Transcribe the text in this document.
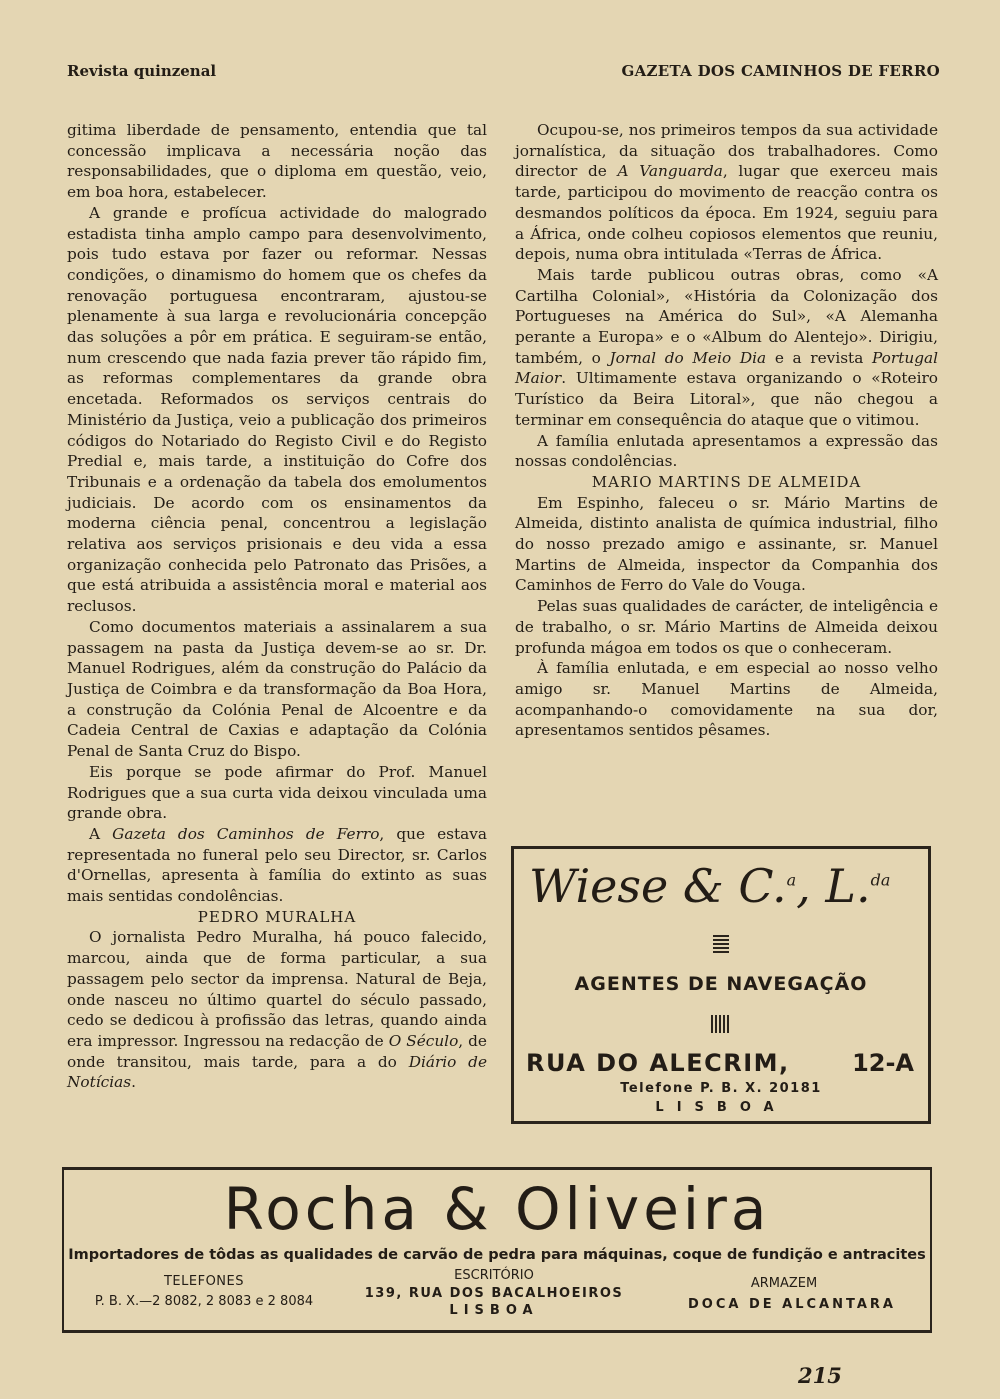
Revista quinzenal	GAZETA DOS CAMINHOS DE FERRO

gitima liberdade de pensamento, entendia que tal concessão implicava a necessária noção das responsabilidades, que o diploma em questão, veio, em boa hora, estabelecer.

A grande e profícua actividade do malogrado estadista tinha amplo campo para desenvolvimento, pois tudo estava por fazer ou reformar. Nessas condições, o dinamismo do homem que os chefes da renovação portuguesa encontraram, ajustou-se plenamente à sua larga e revolucionária concepção das soluções a pôr em prática. E seguiram-se então, num crescendo que nada fazia prever tão rápido fim, as reformas complementares da grande obra encetada. Reformados os serviços centrais do Ministério da Justiça, veio a publicação dos primeiros códigos do Notariado do Registo Civil e do Registo Predial e, mais tarde, a instituição do Cofre dos Tribunais e a ordenação da tabela dos emolumentos judiciais. De acordo com os ensinamentos da moderna ciência penal, concentrou a legislação relativa aos serviços prisionais e deu vida a essa organização conhecida pelo Patronato das Prisões, a que está atribuida a assistência moral e material aos reclusos.

Como documentos materiais a assinalarem a sua passagem na pasta da Justiça devem-se ao sr. Dr. Manuel Rodrigues, além da construção do Palácio da Justiça de Coimbra e da transformação da Boa Hora, a construção da Colónia Penal de Alcoentre e da Cadeia Central de Caxias e adaptação da Colónia Penal de Santa Cruz do Bispo.

Eis porque se pode afirmar do Prof. Manuel Rodrigues que a sua curta vida deixou vinculada uma grande obra.

A Gazeta dos Caminhos de Ferro, que estava representada no funeral pelo seu Director, sr. Carlos d'Ornellas, apresenta à família do extinto as suas mais sentidas condolências.

PEDRO MURALHA

O jornalista Pedro Muralha, há pouco falecido, marcou, ainda que de forma particular, a sua passagem pelo sector da imprensa. Natural de Beja, onde nasceu no último quartel do século passado, cedo se dedicou à profissão das letras, quando ainda era impressor. Ingressou na redacção de O Século, de onde transitou, mais tarde, para a do Diário de Notícias.

Ocupou-se, nos primeiros tempos da sua actividade jornalística, da situação dos trabalhadores. Como director de A Vanguarda, lugar que exerceu mais tarde, participou do movimento de reacção contra os desmandos políticos da época. Em 1924, seguiu para a África, onde colheu copiosos elementos que reuniu, depois, numa obra intitulada «Terras de África.

Mais tarde publicou outras obras, como «A Cartilha Colonial», «História da Colonização dos Portugueses na América do Sul», «A Alemanha perante a Europa» e o «Album do Alentejo». Dirigiu, também, o Jornal do Meio Dia e a revista Portugal Maior. Ultimamente estava organizando o «Roteiro Turístico da Beira Litoral», que não chegou a terminar em consequência do ataque que o vitimou.

A família enlutada apresentamos a expressão das nossas condolências.

MARIO MARTINS DE ALMEIDA

Em Espinho, faleceu o sr. Mário Martins de Almeida, distinto analista de química industrial, filho do nosso prezado amigo e assinante, sr. Manuel Martins de Almeida, inspector da Companhia dos Caminhos de Ferro do Vale do Vouga.

Pelas suas qualidades de carácter, de inteligência e de trabalho, o sr. Mário Martins de Almeida deixou profunda mágoa em todos os que o conheceram.

À família enlutada, e em especial ao nosso velho amigo sr. Manuel Martins de Almeida, acompanhando-o comovidamente na sua dor, apresentamos sentidos pêsames.

Wiese & C.$^a$, L.$^{da}$
AGENTES DE NAVEGAÇÃO
RUA DO ALECRIM,	12-A
Telefone P. B. X. 20181
LISBOA
Rocha & Oliveira
Importadores de tôdas as qualidades de carvão de pedra para máquinas, coque de fundição e antracites
TELEFONES
P. B. X.—2 8082, 2 8083 e 2 8084
ESCRITÓRIO
139, RUA DOS BACALHOEIROS
LISBOA
ARMAZEM
DOCA DE ALCANTARA
215
